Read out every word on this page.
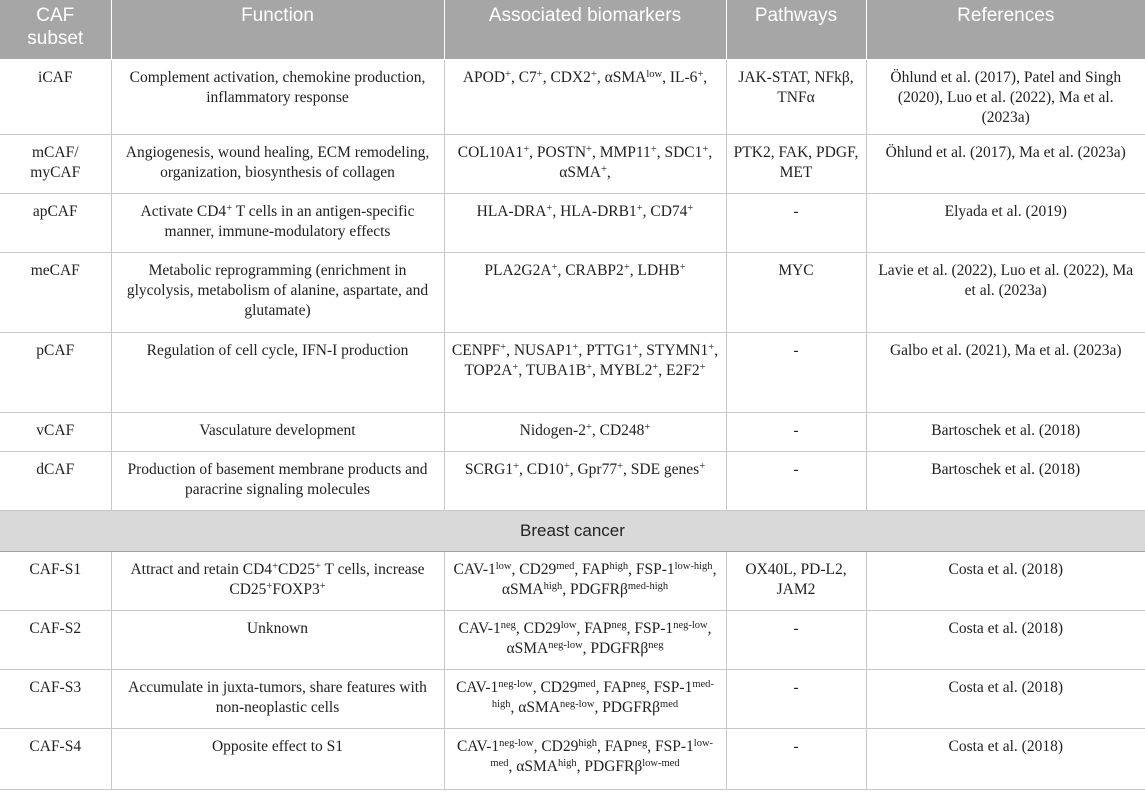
CAF subset	Function	Associated biomarkers	Pathways	References
iCAF	Complement activation, chemokine production, inflammatory response	APOD+, C7+, CDX2+, αSMA$^{low}$, IL-6+,	JAK-STAT, NFkβ, TNFα	Öhlund et al. (2017), Patel and Singh (2020), Luo et al. (2022), Ma et al. (2023a)
mCAF/ myCAF	Angiogenesis, wound healing, ECM remodeling, organization, biosynthesis of collagen	COL10A1+, POSTN+, MMP11+, SDC1+, αSMA+,	PTK2, FAK, PDGF, MET	Öhlund et al. (2017), Ma et al. (2023a)
apCAF	Activate CD4+ T cells in an antigen-specific manner, immune-modulatory effects	HLA-DRA+, HLA-DRB1+, CD74+	-	Elyada et al. (2019)
meCAF	Metabolic reprogramming (enrichment in glycolysis, metabolism of alanine, aspartate, and glutamate)	PLA2G2A+, CRABP2+, LDHB+	MYC	Lavie et al. (2022), Luo et al. (2022), Ma et al. (2023a)
pCAF	Regulation of cell cycle, IFN-I production	CENPF+, NUSAP1+, PTTG1+, STYMN1+, TOP2A+, TUBA1B+, MYBL2+, E2F2+	-	Galbo et al. (2021), Ma et al. (2023a)
vCAF	Vasculature development	Nidogen-2+, CD248+	-	Bartoschek et al. (2018)
dCAF	Production of basement membrane products and paracrine signaling molecules	SCRG1+, CD10+, Gpr77+, SDE genes+	-	Bartoschek et al. (2018)
Breast cancer				
CAF-S1	Attract and retain CD4+CD25+ T cells, increase CD25+FOXP3+	CAV-$1^{low}$, $CD29^{med}$, $FAP^{high}$, FSP-$1^{low-high}$, αSMA$^{high}$, PDGFRβ$^{med-high}$	OX40L, PD-L2, JAM2	Costa et al. (2018)
CAF-S2	Unknown	CAV-$1^{neg}$, $CD29^{low}$, $FAP^{neg}$, FSP-$1^{neg-low}$, αSMA$^{neg-low}$, PDGFRβ$^{neg}$	-	Costa et al. (2018)
CAF-S3	Accumulate in juxta-tumors, share features with non-neoplastic cells	CAV-$1^{neg-low}$, $CD29^{med}$, $FAP^{neg}$, FSP-$1^{med-high}$, αSMA$^{neg-low}$, PDGFRβ$^{med}$	-	Costa et al. (2018)
CAF-S4	Opposite effect to S1	CAV-$1^{neg-low}$, $CD29^{high}$, $FAP^{neg}$, FSP-$1^{low-med}$, αSMA$^{high}$, PDGFRβ$^{low-med}$	-	Costa et al. (2018)
